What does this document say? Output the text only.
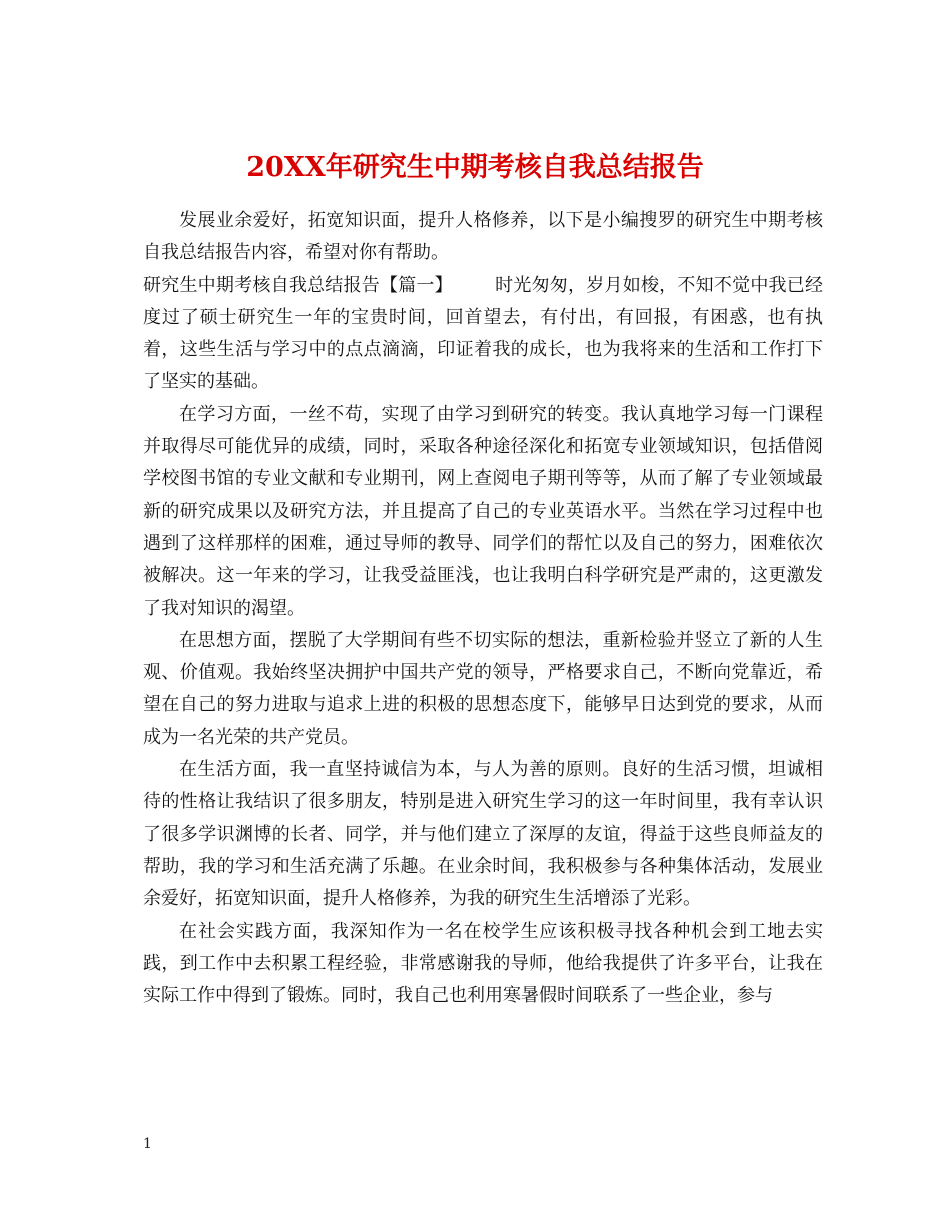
20XX年研究生中期考核自我总结报告

发展业余爱好，拓宽知识面，提升人格修养，以下是小编搜罗的研究生中期考核自我总结报告内容，希望对你有帮助。

研究生中期考核自我总结报告【篇一】 时光匆匆，岁月如梭，不知不觉中我已经度过了硕士研究生一年的宝贵时间，回首望去，有付出，有回报，有困惑，也有执着，这些生活与学习中的点点滴滴，印证着我的成长，也为我将来的生活和工作打下了坚实的基础。

在学习方面，一丝不苟，实现了由学习到研究的转变。我认真地学习每一门课程并取得尽可能优异的成绩，同时，采取各种途径深化和拓宽专业领域知识，包括借阅学校图书馆的专业文献和专业期刊，网上查阅电子期刊等等，从而了解了专业领域最新的研究成果以及研究方法，并且提高了自己的专业英语水平。当然在学习过程中也遇到了这样那样的困难，通过导师的教导、同学们的帮忙以及自己的努力，困难依次被解决。这一年来的学习，让我受益匪浅，也让我明白科学研究是严肃的，这更激发了我对知识的渴望。

在思想方面，摆脱了大学期间有些不切实际的想法，重新检验并竖立了新的人生观、价值观。我始终坚决拥护中国共产党的领导，严格要求自己，不断向党靠近，希望在自己的努力进取与追求上进的积极的思想态度下，能够早日达到党的要求，从而成为一名光荣的共产党员。

在生活方面，我一直坚持诚信为本，与人为善的原则。良好的生活习惯，坦诚相待的性格让我结识了很多朋友，特别是进入研究生学习的这一年时间里，我有幸认识了很多学识渊博的长者、同学，并与他们建立了深厚的友谊，得益于这些良师益友的帮助，我的学习和生活充满了乐趣。在业余时间，我积极参与各种集体活动，发展业余爱好，拓宽知识面，提升人格修养，为我的研究生生活增添了光彩。

在社会实践方面，我深知作为一名在校学生应该积极寻找各种机会到工地去实践，到工作中去积累工程经验，非常感谢我的导师，他给我提供了许多平台，让我在实际工作中得到了锻炼。同时，我自己也利用寒暑假时间联系了一些企业，参与

1
